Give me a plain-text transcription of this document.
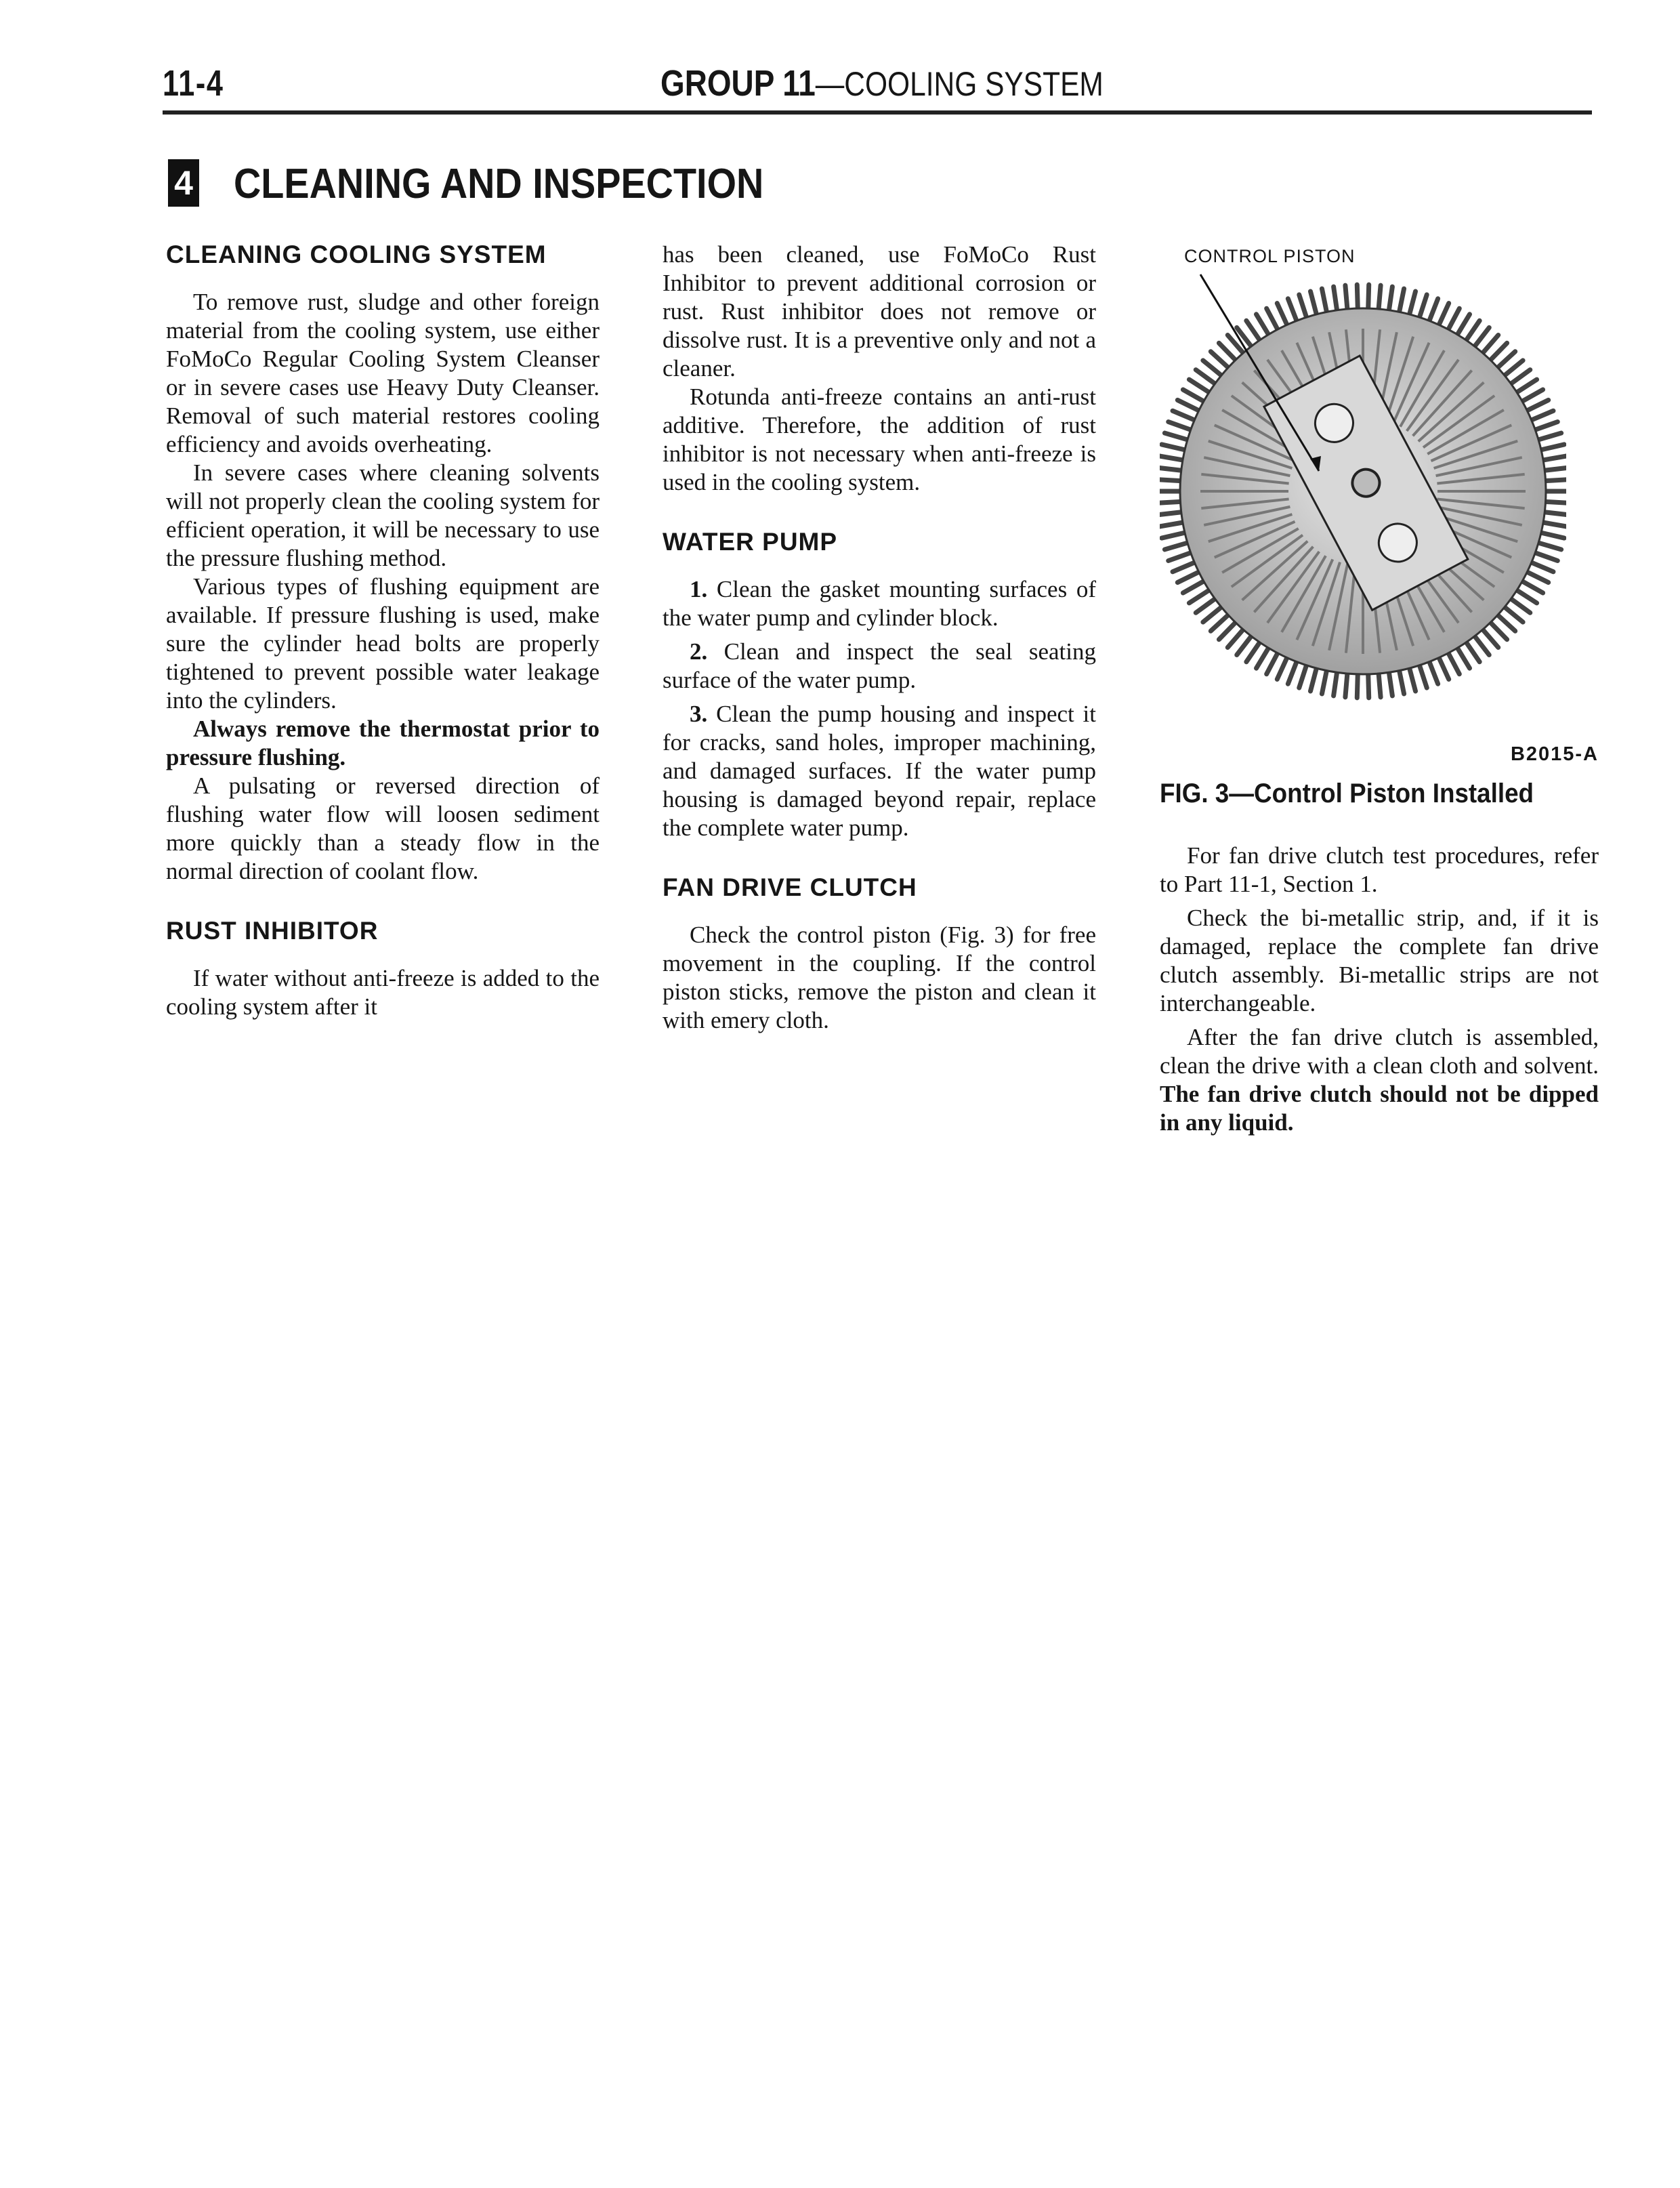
11-4	GROUP 11—COOLING SYSTEM
4 CLEANING AND INSPECTION
CLEANING COOLING SYSTEM

To remove rust, sludge and other foreign material from the cooling system, use either FoMoCo Regular Cooling System Cleanser or in severe cases use Heavy Duty Cleanser. Removal of such material restores cooling efficiency and avoids overheating.

In severe cases where cleaning solvents will not properly clean the cooling system for efficient operation, it will be necessary to use the pressure flushing method.

Various types of flushing equipment are available. If pressure flushing is used, make sure the cylinder head bolts are properly tightened to prevent possible water leakage into the cylinders.

Always remove the thermostat prior to pressure flushing.

A pulsating or reversed direction of flushing water flow will loosen sediment more quickly than a steady flow in the normal direction of coolant flow.

RUST INHIBITOR

If water without anti-freeze is added to the cooling system after it

has been cleaned, use FoMoCo Rust Inhibitor to prevent additional corrosion or rust. Rust inhibitor does not remove or dissolve rust. It is a preventive only and not a cleaner.

Rotunda anti-freeze contains an anti-rust additive. Therefore, the addition of rust inhibitor is not necessary when anti-freeze is used in the cooling system.

WATER PUMP

1. Clean the gasket mounting surfaces of the water pump and cylinder block.

2. Clean and inspect the seal seating surface of the water pump.

3. Clean the pump housing and inspect it for cracks, sand holes, improper machining, and damaged surfaces. If the water pump housing is damaged beyond repair, replace the complete water pump.

FAN DRIVE CLUTCH

Check the control piston (Fig. 3) for free movement in the coupling. If the control piston sticks, remove the piston and clean it with emery cloth.

CONTROL PISTON
B2015-A
FIG. 3—Control Piston Installed

For fan drive clutch test procedures, refer to Part 11-1, Section 1.

Check the bi-metallic strip, and, if it is damaged, replace the complete fan drive clutch assembly. Bi-metallic strips are not interchangeable.

After the fan drive clutch is assembled, clean the drive with a clean cloth and solvent. The fan drive clutch should not be dipped in any liquid.
